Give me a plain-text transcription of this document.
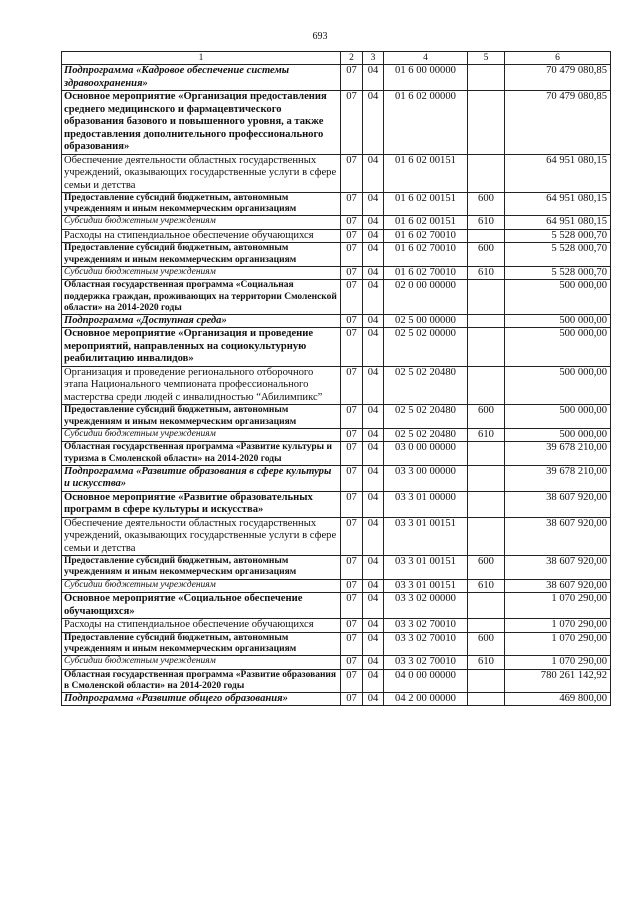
693
1	2	3	4	5	6
Подпрограмма «Кадровое обеспечение системы здравоохранения»	07	04	01 6 00 00000		70 479 080,85
Основное мероприятие «Организация предоставления среднего медицинского и фармацевтического образования базового и повышенного уровня, а также предоставления дополнительного профессионального образования»	07	04	01 6 02 00000		70 479 080,85
Обеспечение деятельности областных государственных учреждений, оказывающих государственные услуги в сфере семьи и детства	07	04	01 6 02 00151		64 951 080,15
Предоставление субсидий бюджетным, автономным учреждениям и иным некоммерческим организациям	07	04	01 6 02 00151	600	64 951 080,15
Субсидии бюджетным учреждениям	07	04	01 6 02 00151	610	64 951 080,15
Расходы на стипендиальное обеспечение обучающихся	07	04	01 6 02 70010		5 528 000,70
Предоставление субсидий бюджетным, автономным учреждениям и иным некоммерческим организациям	07	04	01 6 02 70010	600	5 528 000,70
Субсидии бюджетным учреждениям	07	04	01 6 02 70010	610	5 528 000,70
Областная государственная программа «Социальная поддержка граждан, проживающих на территории Смоленской области» на 2014-2020 годы	07	04	02 0 00 00000		500 000,00
Подпрограмма «Доступная среда»	07	04	02 5 00 00000		500 000,00
Основное мероприятие «Организация и проведение мероприятий, направленных на социокультурную реабилитацию инвалидов»	07	04	02 5 02 00000		500 000,00
Организация и проведение регионального отборочного этапа Национального чемпионата профессионального мастерства среди людей с инвалидностью “Абилимпикс”	07	04	02 5 02 20480		500 000,00
Предоставление субсидий бюджетным, автономным учреждениям и иным некоммерческим организациям	07	04	02 5 02 20480	600	500 000,00
Субсидии бюджетным учреждениям	07	04	02 5 02 20480	610	500 000,00
Областная государственная программа «Развитие культуры и туризма в Смоленской области» на 2014-2020 годы	07	04	03 0 00 00000		39 678 210,00
Подпрограмма «Развитие образования в сфере культуры и искусства»	07	04	03 3 00 00000		39 678 210,00
Основное мероприятие «Развитие образовательных программ в сфере культуры и искусства»	07	04	03 3 01 00000		38 607 920,00
Обеспечение деятельности областных государственных учреждений, оказывающих государственные услуги в сфере семьи и детства	07	04	03 3 01 00151		38 607 920,00
Предоставление субсидий бюджетным, автономным учреждениям и иным некоммерческим организациям	07	04	03 3 01 00151	600	38 607 920,00
Субсидии бюджетным учреждениям	07	04	03 3 01 00151	610	38 607 920,00
Основное мероприятие «Социальное обеспечение обучающихся»	07	04	03 3 02 00000		1 070 290,00
Расходы на стипендиальное обеспечение обучающихся	07	04	03 3 02 70010		1 070 290,00
Предоставление субсидий бюджетным, автономным учреждениям и иным некоммерческим организациям	07	04	03 3 02 70010	600	1 070 290,00
Субсидии бюджетным учреждениям	07	04	03 3 02 70010	610	1 070 290,00
Областная государственная программа «Развитие образования в Смоленской области» на 2014-2020 годы	07	04	04 0 00 00000		780 261 142,92
Подпрограмма «Развитие общего образования»	07	04	04 2 00 00000		469 800,00
